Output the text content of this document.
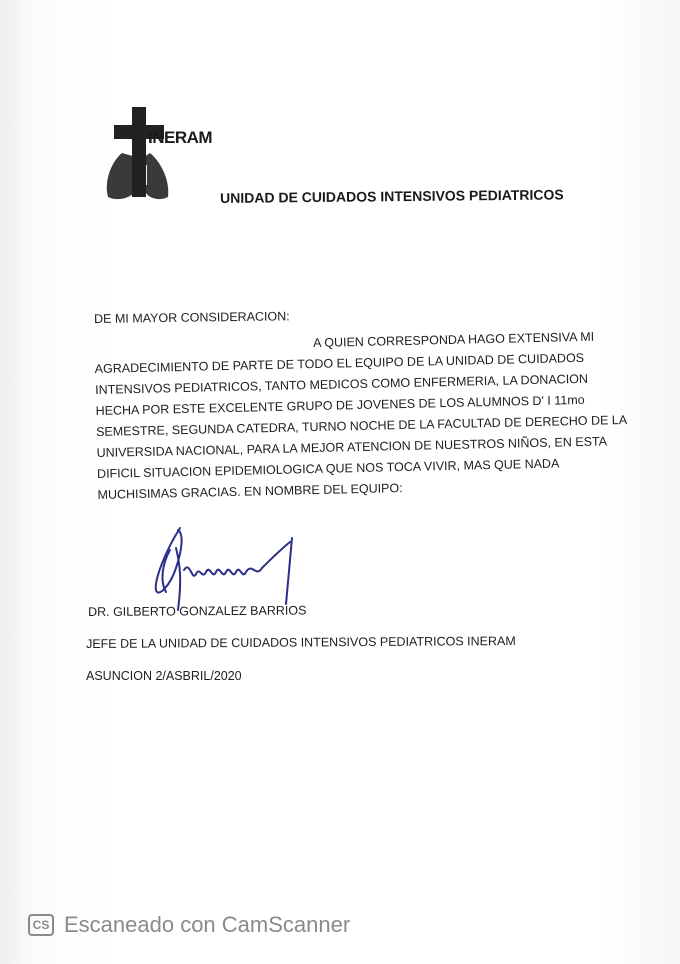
INERAM
UNIDAD DE CUIDADOS INTENSIVOS PEDIATRICOS
DE MI MAYOR CONSIDERACION:
A QUIEN CORRESPONDA HAGO EXTENSIVA MI
AGRADECIMIENTO DE PARTE DE TODO EL EQUIPO DE LA UNIDAD DE CUIDADOS
INTENSIVOS PEDIATRICOS, TANTO MEDICOS COMO ENFERMERIA, LA DONACION
HECHA POR ESTE EXCELENTE GRUPO DE JOVENES DE LOS ALUMNOS D' I 11mo
SEMESTRE, SEGUNDA CATEDRA, TURNO NOCHE DE LA FACULTAD DE DERECHO DE LA
UNIVERSIDA NACIONAL, PARA LA MEJOR ATENCION DE NUESTROS NIÑOS, EN ESTA
DIFICIL SITUACION EPIDEMIOLOGICA QUE NOS TOCA VIVIR, MAS QUE NADA
MUCHISIMAS GRACIAS. EN NOMBRE DEL EQUIPO:
DR. GILBERTO GONZALEZ BARRIOS
JEFE DE LA UNIDAD DE CUIDADOS INTENSIVOS PEDIATRICOS INERAM
ASUNCION 2/ASBRIL/2020
CS Escaneado con CamScanner
